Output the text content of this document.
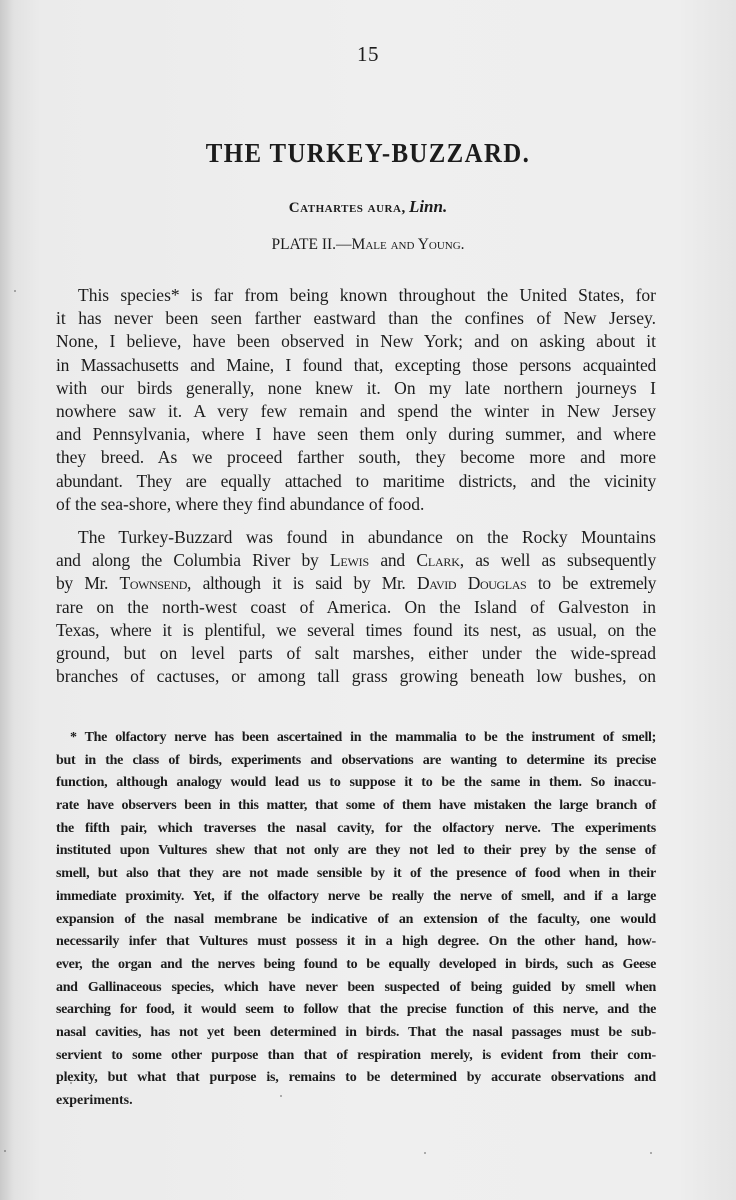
15
THE TURKEY-BUZZARD.
Cathartes aura, Linn.
PLATE II.—Male and Young.
This species* is far from being known throughout the United States, for
it has never been seen farther eastward than the confines of New Jersey.
None, I believe, have been observed in New York; and on asking about it
in Massachusetts and Maine, I found that, excepting those persons acquainted
with our birds generally, none knew it. On my late northern journeys I
nowhere saw it. A very few remain and spend the winter in New Jersey
and Pennsylvania, where I have seen them only during summer, and where
they breed. As we proceed farther south, they become more and more
abundant. They are equally attached to maritime districts, and the vicinity
of the sea-shore, where they find abundance of food.
The Turkey-Buzzard was found in abundance on the Rocky Mountains
and along the Columbia River by Lewis and Clark, as well as subsequently
by Mr. Townsend, although it is said by Mr. David Douglas to be extremely
rare on the north-west coast of America. On the Island of Galveston in
Texas, where it is plentiful, we several times found its nest, as usual, on the
ground, but on level parts of salt marshes, either under the wide-spread
branches of cactuses, or among tall grass growing beneath low bushes, on
* The olfactory nerve has been ascertained in the mammalia to be the instrument of smell;
but in the class of birds, experiments and observations are wanting to determine its precise
function, although analogy would lead us to suppose it to be the same in them. So inaccu-
rate have observers been in this matter, that some of them have mistaken the large branch of
the fifth pair, which traverses the nasal cavity, for the olfactory nerve. The experiments
instituted upon Vultures shew that not only are they not led to their prey by the sense of
smell, but also that they are not made sensible by it of the presence of food when in their
immediate proximity. Yet, if the olfactory nerve be really the nerve of smell, and if a large
expansion of the nasal membrane be indicative of an extension of the faculty, one would
necessarily infer that Vultures must possess it in a high degree. On the other hand, how-
ever, the organ and the nerves being found to be equally developed in birds, such as Geese
and Gallinaceous species, which have never been suspected of being guided by smell when
searching for food, it would seem to follow that the precise function of this nerve, and the
nasal cavities, has not yet been determined in birds. That the nasal passages must be sub-
servient to some other purpose than that of respiration merely, is evident from their com-
plexity, but what that purpose is, remains to be determined by accurate observations and
experiments.
